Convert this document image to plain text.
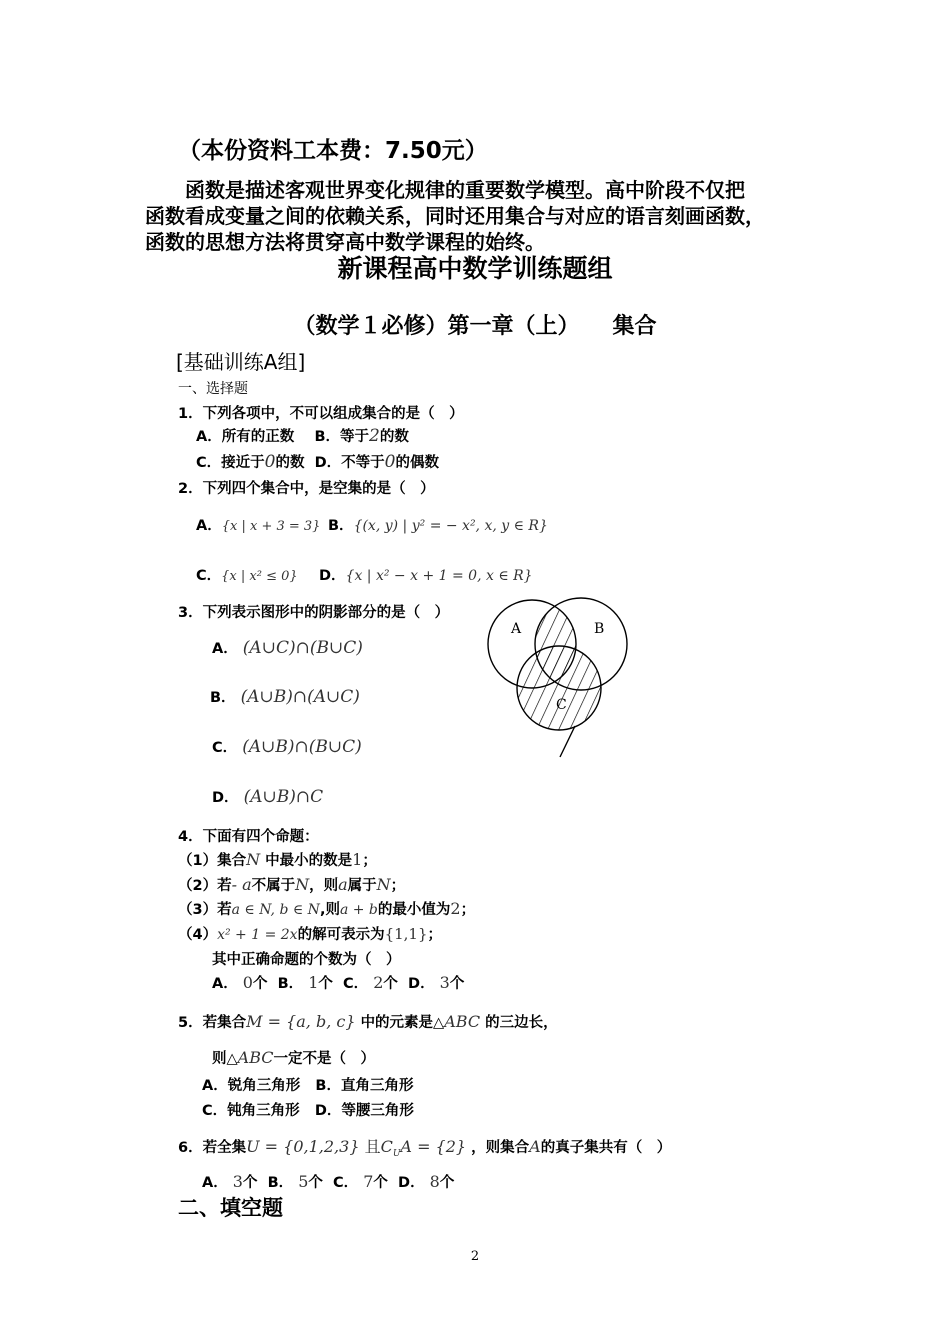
（本份资料工本费：7.50元）
函数是描述客观世界变化规律的重要数学模型。高中阶段不仅把
函数看成变量之间的依赖关系，同时还用集合与对应的语言刻画函数，
函数的思想方法将贯穿高中数学课程的始终。
新课程高中数学训练题组
（数学１必修）第一章（上）　　集合
[基础训练A组]
一、选择题
1．下列各项中，不可以组成集合的是（　）
A．所有的正数 B．等于2的数
C．接近于0的数 D．不等于0的偶数
2．下列四个集合中，是空集的是（　）
A．{x | x + 3 = 3} B．{(x, y) | y² = − x², x, y ∈ R}
C．{x | x² ≤ 0} D．{x | x² − x + 1 = 0, x ∈ R}
3．下列表示图形中的阴影部分的是（　）
A． (A∪C)∩(B∪C)
B． (A∪B)∩(A∪C)
C． (A∪B)∩(B∪C)
D． (A∪B)∩C
A	B
C
4．下面有四个命题：
（1）集合N 中最小的数是1；
（2）若- a不属于N，则a属于N；
（3）若a ∈ N, b ∈ N,则a + b的最小值为2；
（4）x² + 1 = 2x的解可表示为{1,1}；
其中正确命题的个数为（　）
A． 0个 B． 1个 C． 2个 D． 3个
5．若集合M = {a, b, c} 中的元素是△ABC 的三边长，
则△ABC一定不是（　）
A．锐角三角形 B．直角三角形
C．钝角三角形 D．等腰三角形
6．若全集U = {0,1,2,3} 且$C_UA = \{2\}$ ，则集合A的真子集共有（　）
A． 3个 B． 5个 C． 7个 D． 8个
二、填空题
2
